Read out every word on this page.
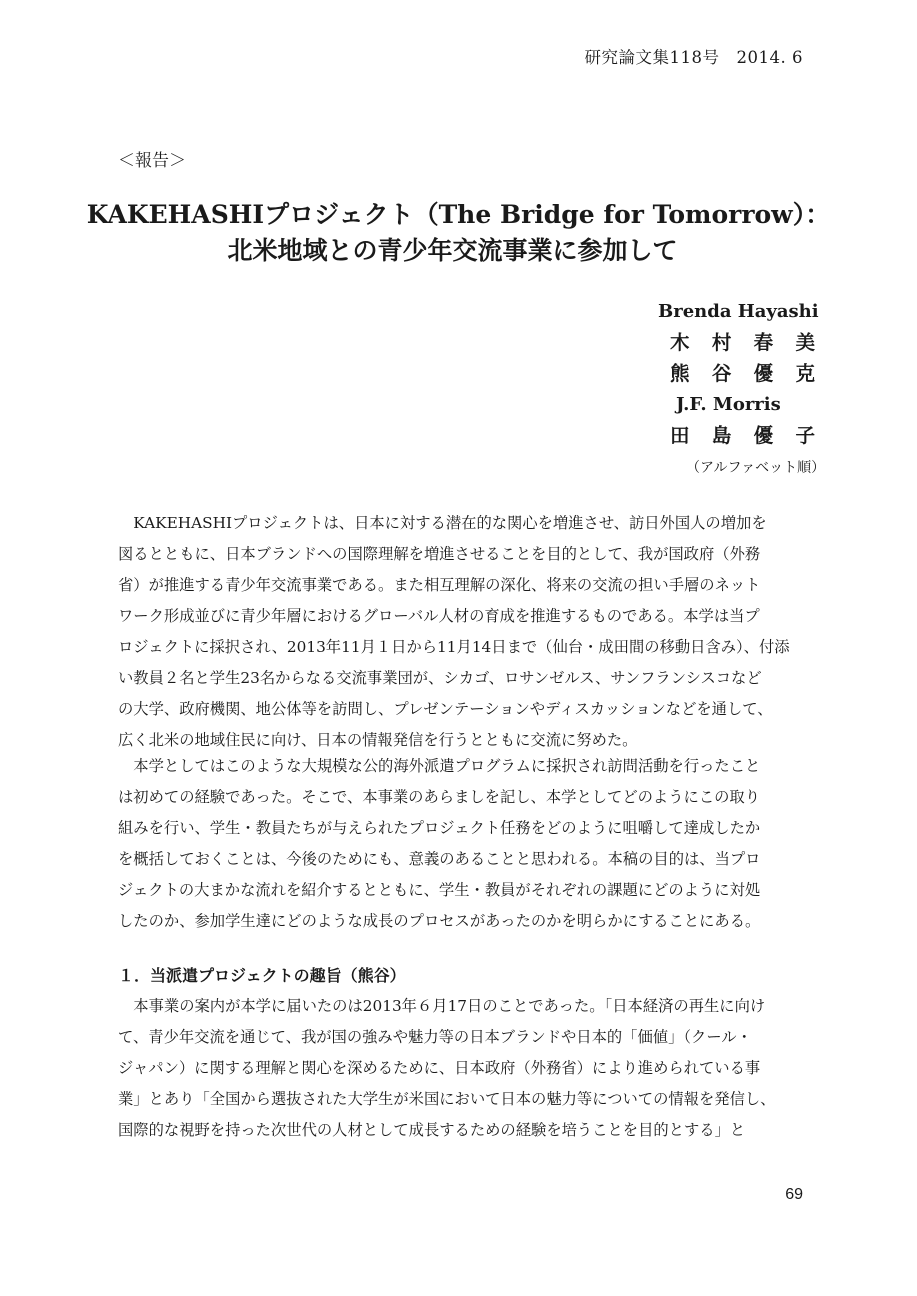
研究論文集118号　2014. 6
＜報告＞
KAKEHASHIプロジェクト（The Bridge for Tomorrow）：
北米地域との青少年交流事業に参加して
Brenda Hayashi
木 村 春 美
熊 谷 優 克
J.F. Morris
田 島 優 子
（アルファベット順）

　KAKEHASHIプロジェクトは、日本に対する潜在的な関心を増進させ、訪日外国人の増加を

図るとともに、日本ブランドへの国際理解を増進させることを目的として、我が国政府（外務

省）が推進する青少年交流事業である。また相互理解の深化、将来の交流の担い手層のネット

ワーク形成並びに青少年層におけるグローバル人材の育成を推進するものである。本学は当プ

ロジェクトに採択され、2013年11月１日から11月14日まで（仙台・成田間の移動日含み）、付添

い教員２名と学生23名からなる交流事業団が、シカゴ、ロサンゼルス、サンフランシスコなど

の大学、政府機関、地公体等を訪問し、プレゼンテーションやディスカッションなどを通して、

広く北米の地域住民に向け、日本の情報発信を行うとともに交流に努めた。

　本学としてはこのような大規模な公的海外派遣プログラムに採択され訪問活動を行ったこと

は初めての経験であった。そこで、本事業のあらましを記し、本学としてどのようにこの取り

組みを行い、学生・教員たちが与えられたプロジェクト任務をどのように咀嚼して達成したか

を概括しておくことは、今後のためにも、意義のあることと思われる。本稿の目的は、当プロ

ジェクトの大まかな流れを紹介するとともに、学生・教員がそれぞれの課題にどのように対処

したのか、参加学生達にどのような成長のプロセスがあったのかを明らかにすることにある。

１．当派遣プロジェクトの趣旨（熊谷）

　本事業の案内が本学に届いたのは2013年６月17日のことであった。「日本経済の再生に向け

て、青少年交流を通じて、我が国の強みや魅力等の日本ブランドや日本的「価値」（クール・

ジャパン）に関する理解と関心を深めるために、日本政府（外務省）により進められている事

業」とあり「全国から選抜された大学生が米国において日本の魅力等についての情報を発信し、

国際的な視野を持った次世代の人材として成長するための経験を培うことを目的とする」と

69
